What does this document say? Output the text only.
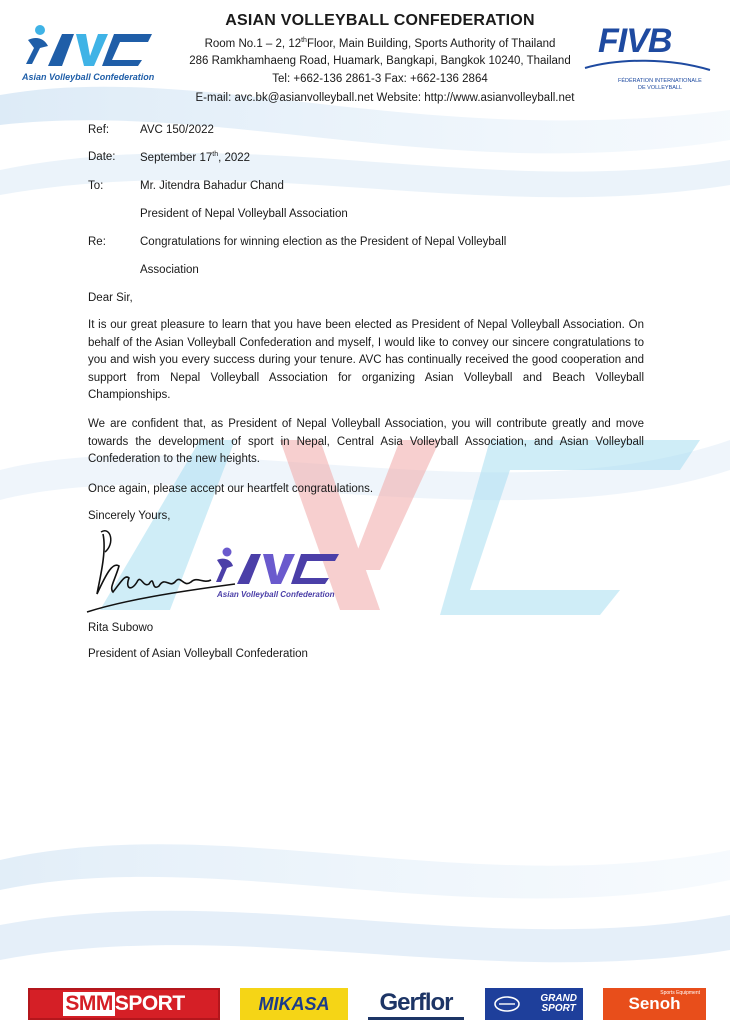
Asian Volleyball Confederation
FIVB
FÉDÉRATION INTERNATIONALE
DE VOLLEYBALL
ASIAN VOLLEYBALL CONFEDERATION
Room No.1 – 2, 12thFloor, Main Building, Sports Authority of Thailand
286 Ramkhamhaeng Road, Huamark, Bangkapi, Bangkok 10240, Thailand
Tel: +662-136 2861-3 Fax: +662-136 2864
E-mail: avc.bk@asianvolleyball.net Website: http://www.asianvolleyball.net
Ref:	AVC 150/2022
Date:	September 17th, 2022
To:	Mr. Jitendra Bahadur Chand
President of Nepal Volleyball Association
Re:	Congratulations for winning election as the President of Nepal Volleyball
Association
Dear Sir,
It is our great pleasure to learn that you have been elected as President of Nepal Volleyball Association. On behalf of the Asian Volleyball Confederation and myself, I would like to convey our sincere congratulations to you and wish you every success during your tenure. AVC has continually received the good cooperation and support from Nepal Volleyball Association for organizing Asian Volleyball and Beach Volleyball Championships.
We are confident that, as President of Nepal Volleyball Association, you will contribute greatly and move towards the development of sport in Nepal, Central Asia Volleyball Association, and Asian Volleyball Confederation to the new heights.
Once again, please accept our heartfelt congratulations.
Sincerely Yours,
Asian Volleyball Confederation
Rita Subowo
President of Asian Volleyball Confederation
SMM SPORT	MIKASA	Gerflor	GRAND
SPORT
Sports Equipment
Senoh
